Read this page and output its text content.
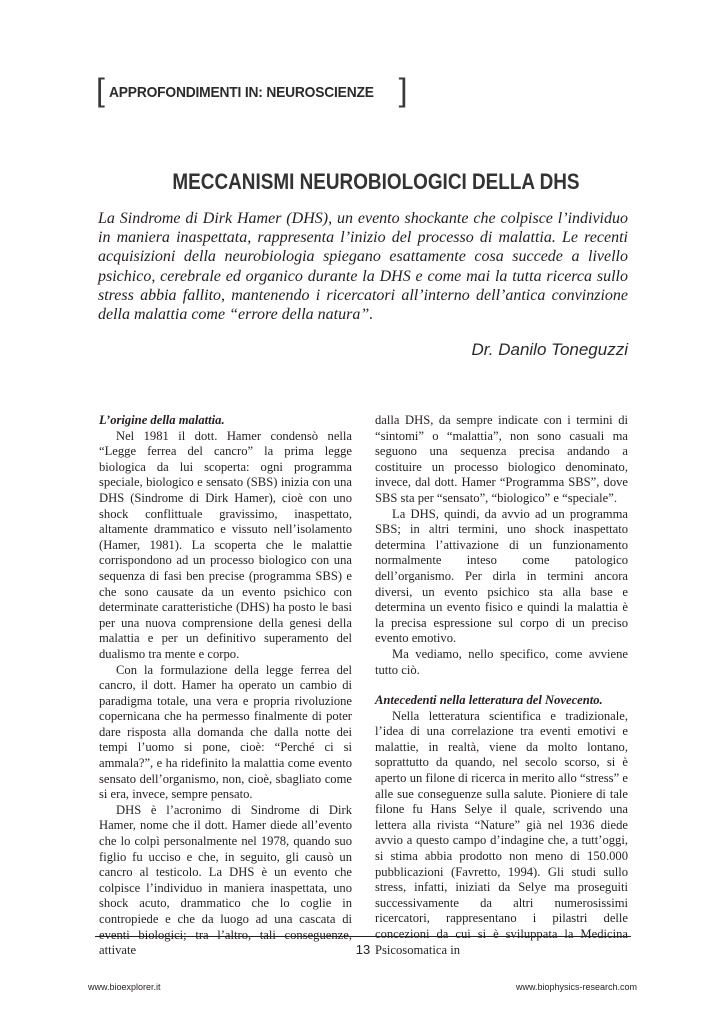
[ APPROFONDIMENTI IN: NEUROSCIENZE ]
MECCANISMI NEUROBIOLOGICI DELLA DHS

La Sindrome di Dirk Hamer (DHS), un evento shockante che colpisce l’individuo in maniera inaspettata, rappresenta l’inizio del processo di malattia. Le recenti acquisizioni della neurobiologia spiegano esattamente cosa succede a livello psichico, cerebrale ed organico durante la DHS e come mai la tutta ricerca sullo stress abbia fallito, mantenendo i ricercatori all’interno dell’antica convinzione della malattia come “errore della natura”.

Dr. Danilo Toneguzzi

L’origine della malattia.

Nel 1981 il dott. Hamer condensò nella “Legge ferrea del cancro” la prima legge biologica da lui scoperta: ogni programma speciale, biologico e sensato (SBS) inizia con una DHS (Sindrome di Dirk Hamer), cioè con uno shock conflittuale gravissimo, inaspettato, altamente drammatico e vissuto nell’isolamento (Hamer, 1981). La scoperta che le malattie corrispondono ad un processo biologico con una sequenza di fasi ben precise (programma SBS) e che sono causate da un evento psichico con determinate caratteristiche (DHS) ha posto le basi per una nuova comprensione della genesi della malattia e per un definitivo superamento del dualismo tra mente e corpo.

Con la formulazione della legge ferrea del cancro, il dott. Hamer ha operato un cambio di paradigma totale, una vera e propria rivoluzione copernicana che ha permesso finalmente di poter dare risposta alla domanda che dalla notte dei tempi l’uomo si pone, cioè: “Perché ci si ammala?”, e ha ridefinito la malattia come evento sensato dell’organismo, non, cioè, sbagliato come si era, invece, sempre pensato.

DHS è l’acronimo di Sindrome di Dirk Hamer, nome che il dott. Hamer diede all’evento che lo colpì personalmente nel 1978, quando suo figlio fu ucciso e che, in seguito, gli causò un cancro al testicolo. La DHS è un evento che colpisce l’individuo in maniera inaspettata, uno shock acuto, drammatico che lo coglie in contropiede e che da luogo ad una cascata di eventi biologici; tra l’altro, tali conseguenze, attivate

dalla DHS, da sempre indicate con i termini di “sintomi” o “malattia”, non sono casuali ma seguono una sequenza precisa andando a costituire un processo biologico denominato, invece, dal dott. Hamer “Programma SBS”, dove SBS sta per “sensato”, “biologico” e “speciale”.

La DHS, quindi, da avvio ad un programma SBS; in altri termini, uno shock inaspettato determina l’attivazione di un funzionamento normalmente inteso come patologico dell’organismo. Per dirla in termini ancora diversi, un evento psichico sta alla base e determina un evento fisico e quindi la malattia è la precisa espressione sul corpo di un preciso evento emotivo.

Ma vediamo, nello specifico, come avviene tutto ciò.

Antecedenti nella letteratura del Novecento.

Nella letteratura scientifica e tradizionale, l’idea di una correlazione tra eventi emotivi e malattie, in realtà, viene da molto lontano, soprattutto da quando, nel secolo scorso, si è aperto un filone di ricerca in merito allo “stress” e alle sue conseguenze sulla salute. Pioniere di tale filone fu Hans Selye il quale, scrivendo una lettera alla rivista “Nature” già nel 1936 diede avvio a questo campo d’indagine che, a tutt’oggi, si stima abbia prodotto non meno di 150.000 pubblicazioni (Favretto, 1994). Gli studi sullo stress, infatti, iniziati da Selye ma proseguiti successivamente da altri numerosissimi ricercatori, rappresentano i pilastri delle concezioni da cui si è sviluppata la Medicina Psicosomatica in

13
www.bioexplorer.it	www.biophysics-research.com
